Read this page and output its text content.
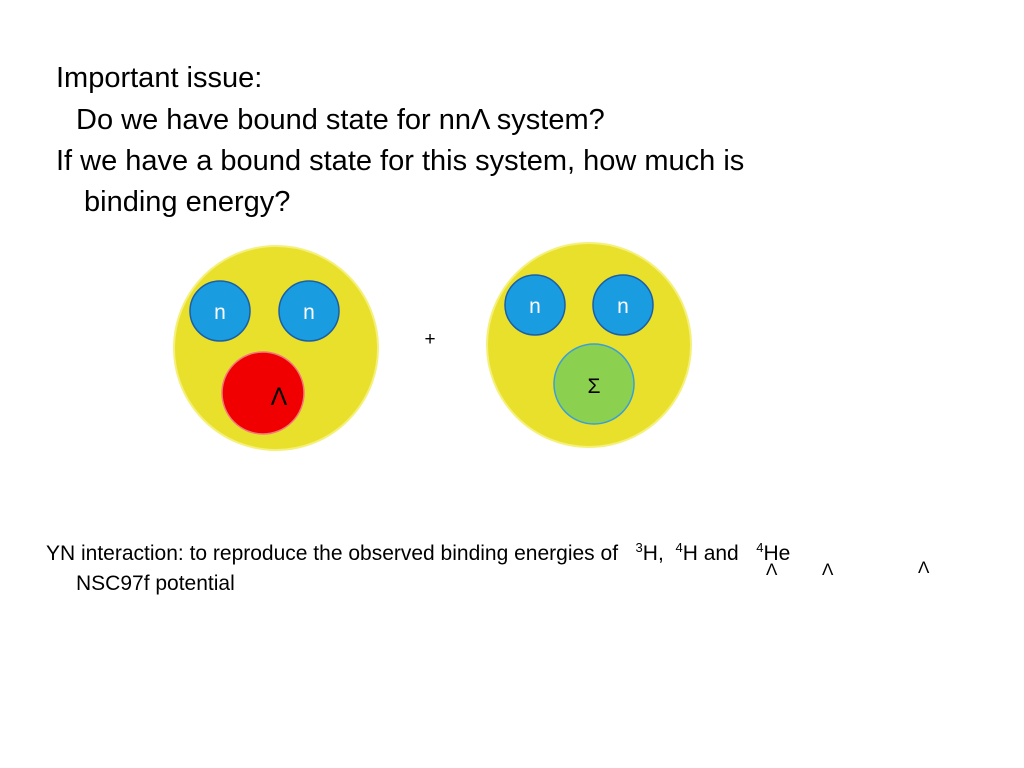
Important issue:
Do we have bound state for nnΛ system?
If we have a bound state for this system, how much is
binding energy?
n	n
Λ
+
n	n
Σ
YN interaction: to reproduce the observed binding energies of $^3$H, $^4$H and $^4$He
Λ	Λ	Λ
NSC97f potential
